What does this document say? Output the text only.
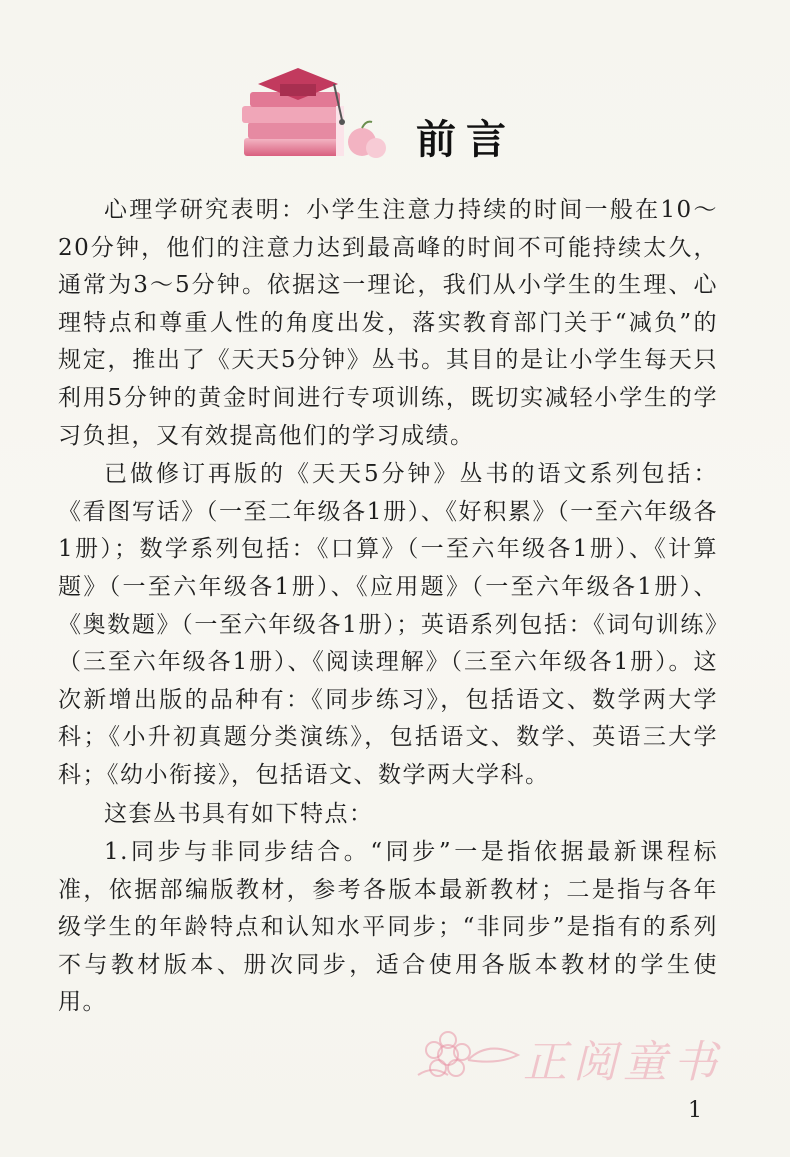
前言

心理学研究表明：小学生注意力持续的时间一般在10～20分钟，他们的注意力达到最高峰的时间不可能持续太久，通常为3～5分钟。依据这一理论，我们从小学生的生理、心理特点和尊重人性的角度出发，落实教育部门关于“减负”的规定，推出了《天天5分钟》丛书。其目的是让小学生每天只利用5分钟的黄金时间进行专项训练，既切实减轻小学生的学习负担，又有效提高他们的学习成绩。

已做修订再版的《天天5分钟》丛书的语文系列包括：《看图写话》（一至二年级各1册）、《好积累》（一至六年级各1册）；数学系列包括：《口算》（一至六年级各1册）、《计算题》（一至六年级各1册）、《应用题》（一至六年级各1册）、《奥数题》（一至六年级各1册）；英语系列包括：《词句训练》（三至六年级各1册）、《阅读理解》（三至六年级各1册）。这次新增出版的品种有：《同步练习》，包括语文、数学两大学科；《小升初真题分类演练》，包括语文、数学、英语三大学科；《幼小衔接》，包括语文、数学两大学科。

这套丛书具有如下特点：

1.同步与非同步结合。“同步”一是指依据最新课程标准，依据部编版教材，参考各版本最新教材；二是指与各年级学生的年龄特点和认知水平同步；“非同步”是指有的系列不与教材版本、册次同步，适合使用各版本教材的学生使用。

正阅童书
1
